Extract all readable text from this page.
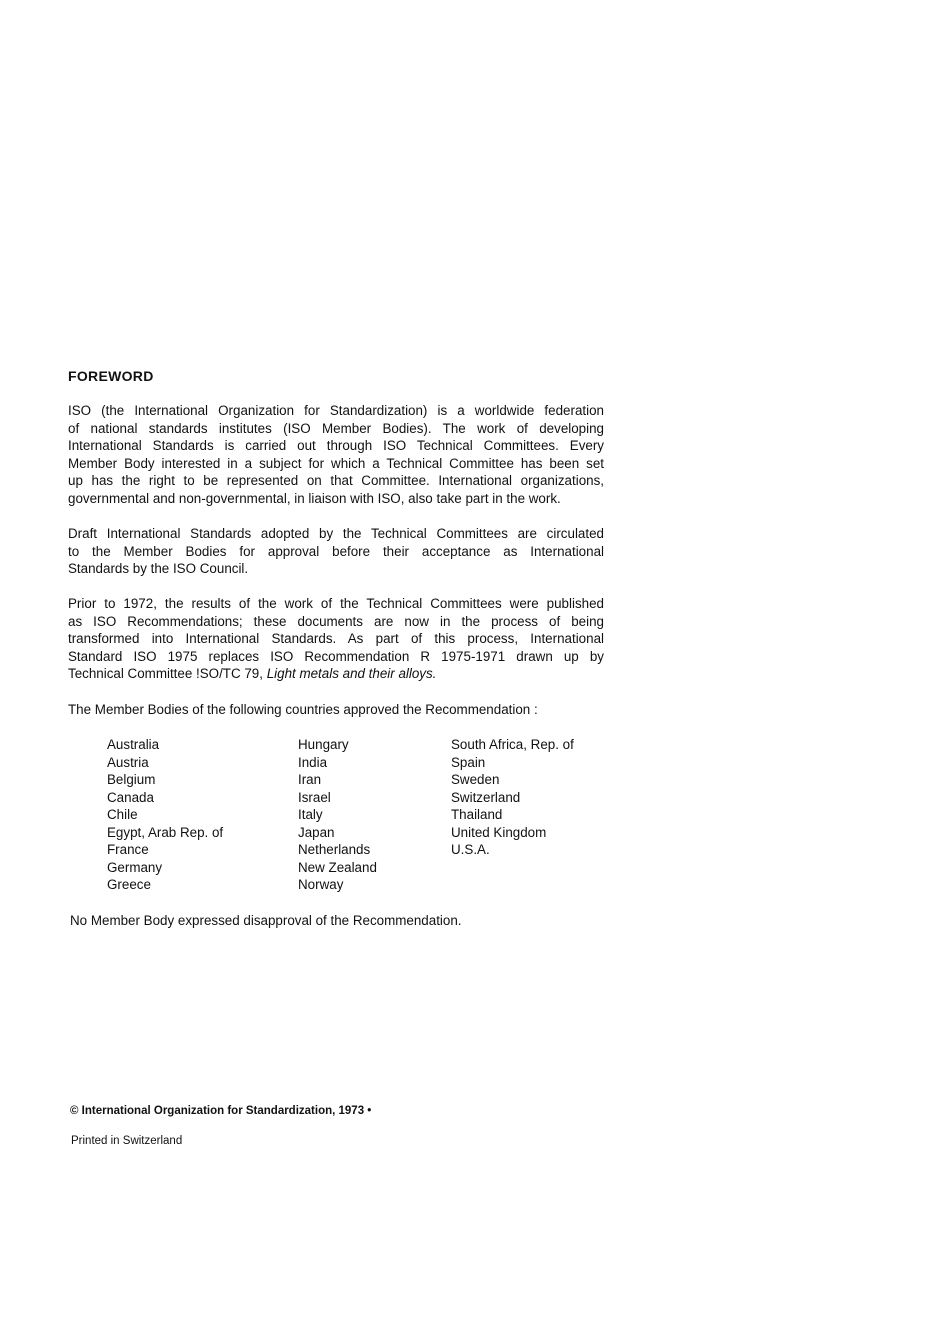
FOREWORD
ISO (the International Organization for Standardization) is a worldwide federation
of national standards institutes (ISO Member Bodies). The work of developing
International Standards is carried out through ISO Technical Committees. Every
Member Body interested in a subject for which a Technical Committee has been set
up has the right to be represented on that Committee. International organizations,
governmental and non-governmental, in liaison with ISO, also take part in the work.
Draft International Standards adopted by the Technical Committees are circulated
to the Member Bodies for approval before their acceptance as International
Standards by the ISO Council.
Prior to 1972, the results of the work of the Technical Committees were published
as ISO Recommendations; these documents are now in the process of being
transformed into International Standards. As part of this process, International
Standard ISO 1975 replaces ISO Recommendation R 1975-1971 drawn up by
Technical Committee !SO/TC 79, Light metals and their alloys.
The Member Bodies of the following countries approved the Recommendation :
Australia
Austria
Belgium
Canada
Chile
Egypt, Arab Rep. of
France
Germany
Greece
Hungary
India
Iran
Israel
Italy
Japan
Netherlands
New Zealand
Norway
South Africa, Rep. of
Spain
Sweden
Switzerland
Thailand
United Kingdom
U.S.A.
No Member Body expressed disapproval of the Recommendation.
© International Organization for Standardization, 1973 •
Printed in Switzerland
